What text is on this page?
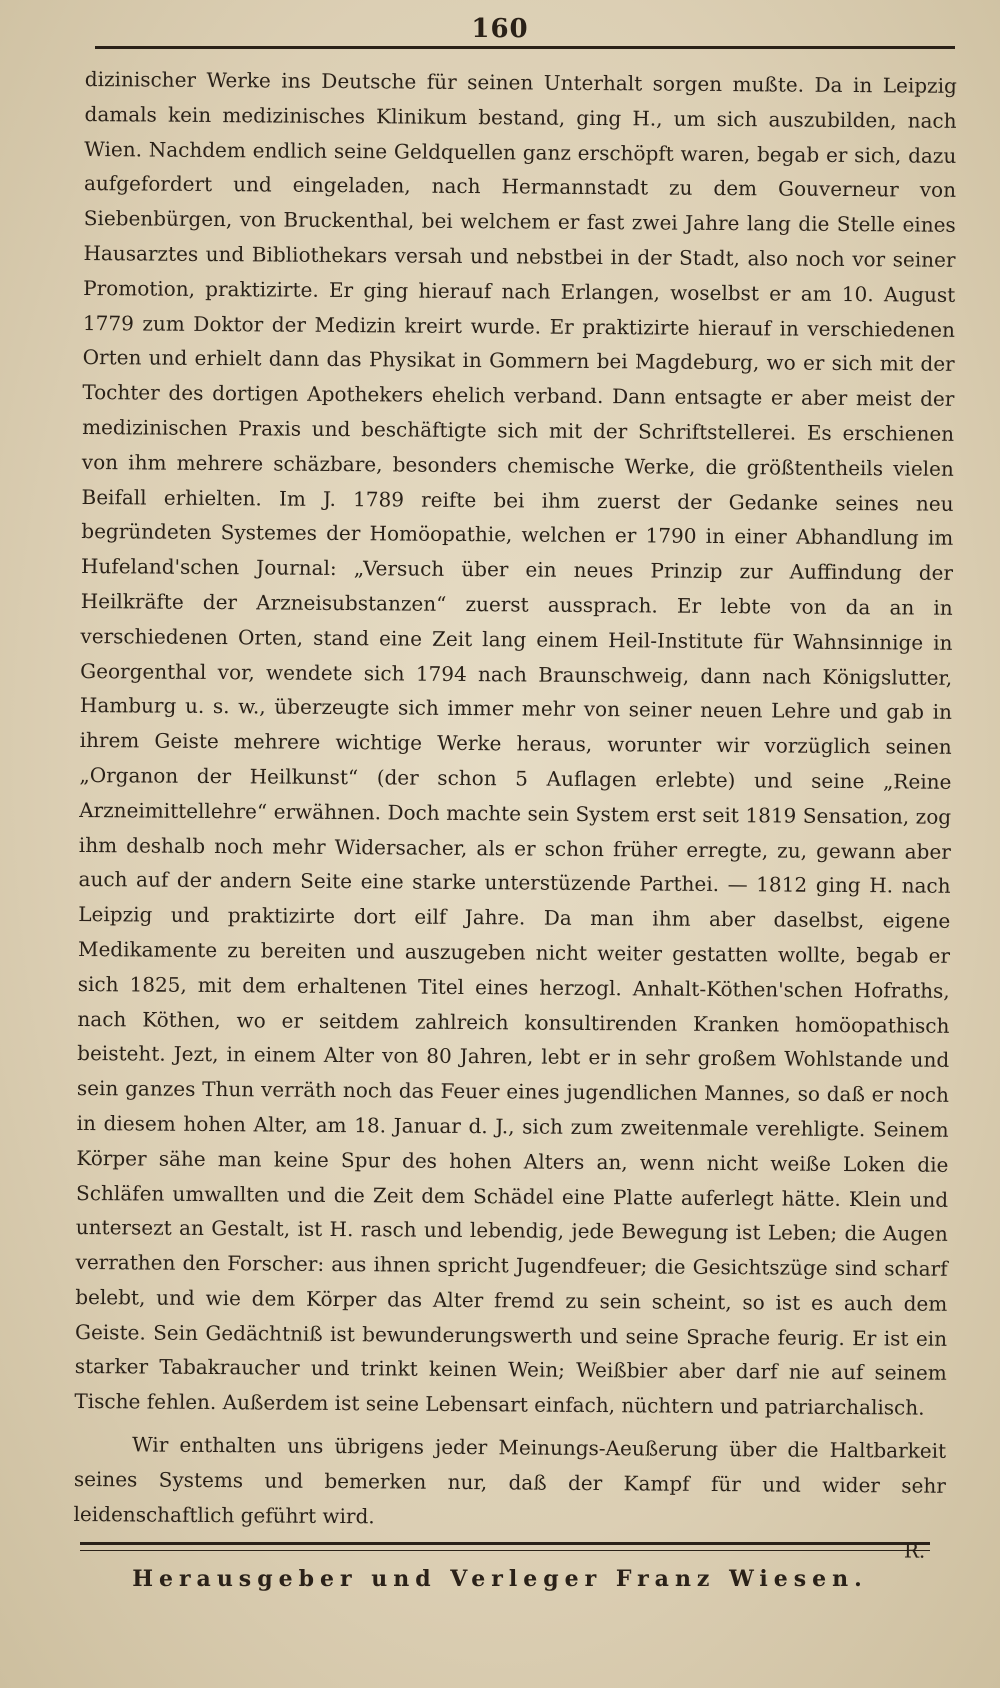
160

dizinischer Werke ins Deutsche für seinen Unterhalt sorgen mußte. Da in Leipzig damals kein medizinisches Klinikum bestand, ging H., um sich auszubilden, nach Wien. Nachdem endlich seine Geldquellen ganz erschöpft waren, begab er sich, dazu aufgefordert und eingeladen, nach Hermannstadt zu dem Gouverneur von Siebenbürgen, von Bruckenthal, bei welchem er fast zwei Jahre lang die Stelle eines Hausarztes und Bibliothekars versah und nebstbei in der Stadt, also noch vor seiner Promotion, praktizirte. Er ging hierauf nach Erlangen, woselbst er am 10. August 1779 zum Doktor der Medizin kreirt wurde. Er praktizirte hierauf in verschiedenen Orten und erhielt dann das Physikat in Gommern bei Magdeburg, wo er sich mit der Tochter des dortigen Apothekers ehelich verband. Dann entsagte er aber meist der medizinischen Praxis und beschäftigte sich mit der Schriftstellerei. Es erschienen von ihm mehrere schäzbare, besonders chemische Werke, die größtentheils vielen Beifall erhielten. Im J. 1789 reifte bei ihm zuerst der Gedanke seines neu begründeten Systemes der Homöopathie, welchen er 1790 in einer Abhandlung im Hufeland'schen Journal: „Versuch über ein neues Prinzip zur Auffindung der Heilkräfte der Arzneisubstanzen“ zuerst aussprach. Er lebte von da an in verschiedenen Orten, stand eine Zeit lang einem Heil-Institute für Wahnsinnige in Georgenthal vor, wendete sich 1794 nach Braunschweig, dann nach Königslutter, Hamburg u. s. w., überzeugte sich immer mehr von seiner neuen Lehre und gab in ihrem Geiste mehrere wichtige Werke heraus, worunter wir vorzüglich seinen „Organon der Heilkunst“ (der schon 5 Auflagen erlebte) und seine „Reine Arzneimittellehre“ erwähnen. Doch machte sein System erst seit 1819 Sensation, zog ihm deshalb noch mehr Widersacher, als er schon früher erregte, zu, gewann aber auch auf der andern Seite eine starke unterstüzende Parthei. — 1812 ging H. nach Leipzig und praktizirte dort eilf Jahre. Da man ihm aber daselbst, eigene Medikamente zu bereiten und auszugeben nicht weiter gestatten wollte, begab er sich 1825, mit dem erhaltenen Titel eines herzogl. Anhalt-Köthen'schen Hofraths, nach Köthen, wo er seitdem zahlreich konsultirenden Kranken homöopathisch beisteht. Jezt, in einem Alter von 80 Jahren, lebt er in sehr großem Wohlstande und sein ganzes Thun verräth noch das Feuer eines jugendlichen Mannes, so daß er noch in diesem hohen Alter, am 18. Januar d. J., sich zum zweitenmale verehligte. Seinem Körper sähe man keine Spur des hohen Alters an, wenn nicht weiße Loken die Schläfen umwallten und die Zeit dem Schädel eine Platte auferlegt hätte. Klein und untersezt an Gestalt, ist H. rasch und lebendig, jede Bewegung ist Leben; die Augen verrathen den Forscher: aus ihnen spricht Jugendfeuer; die Gesichtszüge sind scharf belebt, und wie dem Körper das Alter fremd zu sein scheint, so ist es auch dem Geiste. Sein Gedächtniß ist bewunderungswerth und seine Sprache feurig. Er ist ein starker Tabakraucher und trinkt keinen Wein; Weißbier aber darf nie auf seinem Tische fehlen. Außerdem ist seine Lebensart einfach, nüchtern und patriarchalisch.

Wir enthalten uns übrigens jeder Meinungs-Aeußerung über die Haltbarkeit seines Systems und bemerken nur, daß der Kampf für und wider sehr leidenschaftlich geführt wird.

R.
Herausgeber und Verleger Franz Wiesen.
